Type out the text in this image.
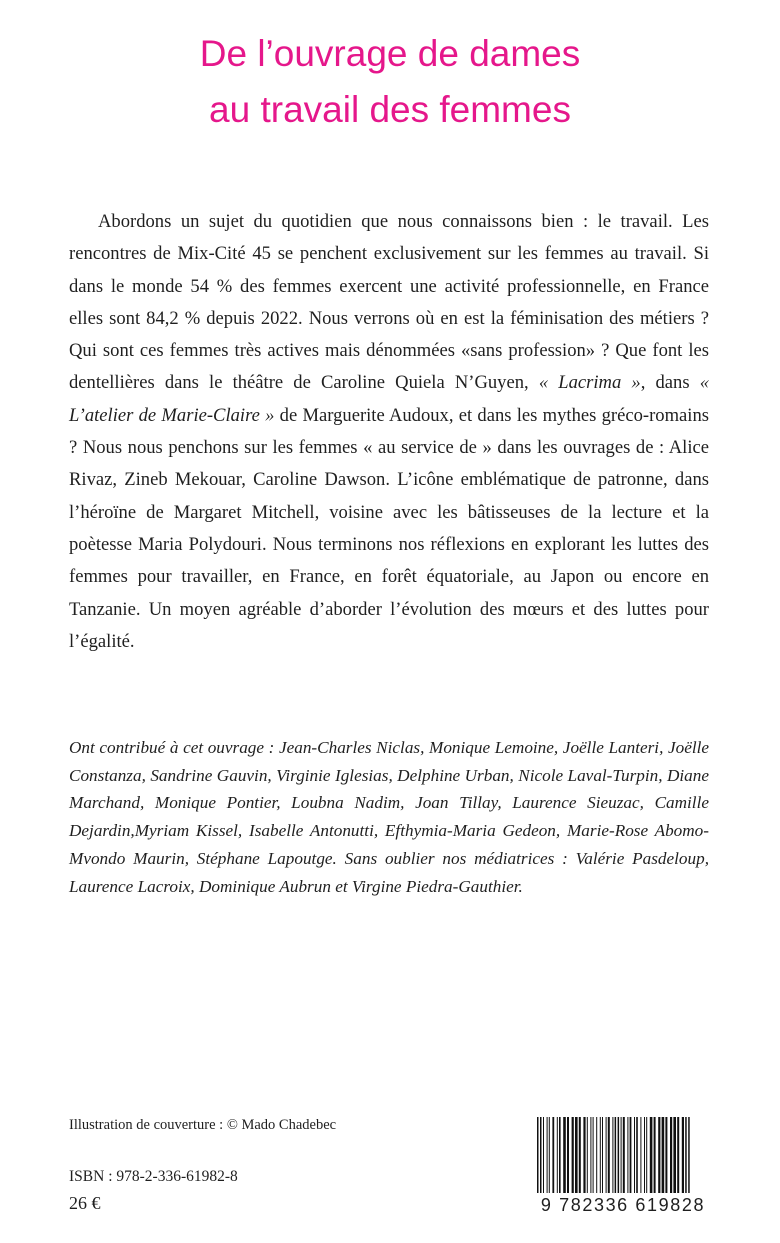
De l’ouvrage de dames
au travail des femmes

Abordons un sujet du quotidien que nous connaissons bien : le travail. Les rencontres de Mix-Cité 45 se penchent exclusivement sur les femmes au travail. Si dans le monde 54 % des femmes exercent une activité professionnelle, en France elles sont 84,2 % depuis 2022. Nous verrons où en est la féminisation des métiers ? Qui sont ces femmes très actives mais dénommées «sans profession» ? Que font les dentellières dans le théâtre de Caroline Quiela N’Guyen, « Lacrima », dans « L’atelier de Marie-Claire » de Marguerite Audoux, et dans les mythes gréco-romains ? Nous nous penchons sur les femmes « au service de » dans les ouvrages de : Alice Rivaz, Zineb Mekouar, Caroline Dawson. L’icône emblématique de patronne, dans l’héroïne de Margaret Mitchell, voisine avec les bâtisseuses de la lecture et la poètesse Maria Polydouri. Nous terminons nos réflexions en explorant les luttes des femmes pour travailler, en France, en forêt équatoriale, au Japon ou encore en Tanzanie. Un moyen agréable d’aborder l’évolution des mœurs et des luttes pour l’égalité.

Ont contribué à cet ouvrage : Jean-Charles Niclas, Monique Lemoine, Joëlle Lanteri, Joëlle Constanza, Sandrine Gauvin, Virginie Iglesias, Delphine Urban, Nicole Laval-Turpin, Diane Marchand, Monique Pontier, Loubna Nadim, Joan Tillay, Laurence Sieuzac, Camille Dejardin,Myriam Kissel, Isabelle Antonutti, Efthymia-Maria Gedeon, Marie-Rose Abomo-Mvondo Maurin, Stéphane Lapoutge. Sans oublier nos médiatrices : Valérie Pasdeloup, Laurence Lacroix, Dominique Aubrun et Virgine Piedra-Gauthier.

Illustration de couverture : © Mado Chadebec

ISBN : 978-2-336-61982-8

26 €	9 782336 619828
